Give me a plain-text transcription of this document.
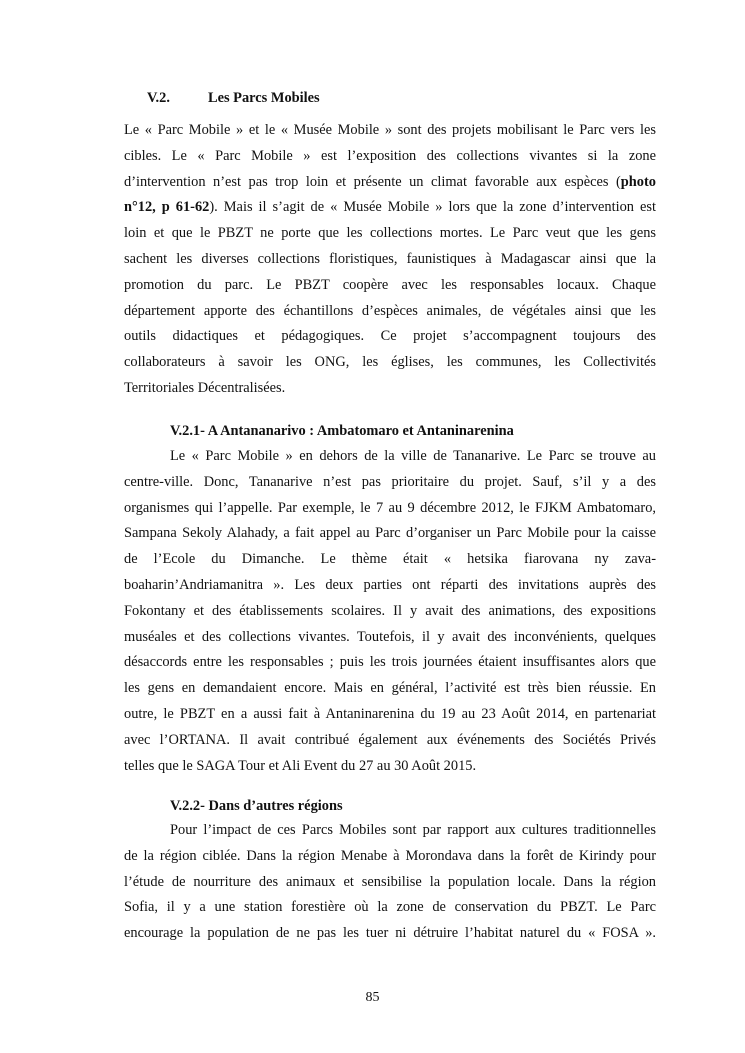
V.2.	Les Parcs Mobiles
Le « Parc Mobile » et le « Musée Mobile » sont des projets mobilisant le Parc vers les
cibles. Le « Parc Mobile » est l’exposition des collections vivantes si la zone
d’intervention n’est pas trop loin et présente un climat favorable aux espèces (photo
n°12, p 61-62). Mais il s’agit de « Musée Mobile » lors que la zone d’intervention est
loin et que le PBZT ne porte que les collections mortes. Le Parc veut que les gens
sachent les diverses collections floristiques, faunistiques à Madagascar ainsi que la
promotion du parc. Le PBZT coopère avec les responsables locaux. Chaque
département apporte des échantillons d’espèces animales, de végétales ainsi que les
outils didactiques et pédagogiques. Ce projet s’accompagnent toujours des
collaborateurs à savoir les ONG, les églises, les communes, les Collectivités
Territoriales Décentralisées.
V.2.1- A Antananarivo : Ambatomaro et Antaninarenina
Le « Parc Mobile » en dehors de la ville de Tananarive. Le Parc se trouve au
centre-ville. Donc, Tananarive n’est pas prioritaire du projet. Sauf, s’il y a des
organismes qui l’appelle. Par exemple, le 7 au 9 décembre 2012, le FJKM Ambatomaro,
Sampana Sekoly Alahady, a fait appel au Parc d’organiser un Parc Mobile pour la caisse
de l’Ecole du Dimanche. Le thème était « hetsika fiarovana ny zava-
boaharin’Andriamanitra ». Les deux parties ont réparti des invitations auprès des
Fokontany et des établissements scolaires. Il y avait des animations, des expositions
muséales et des collections vivantes. Toutefois, il y avait des inconvénients, quelques
désaccords entre les responsables ; puis les trois journées étaient insuffisantes alors que
les gens en demandaient encore. Mais en général, l’activité est très bien réussie. En
outre, le PBZT en a aussi fait à Antaninarenina du 19 au 23 Août 2014, en partenariat
avec l’ORTANA. Il avait contribué également aux événements des Sociétés Privés
telles que le SAGA Tour et Ali Event du 27 au 30 Août 2015.
V.2.2- Dans d’autres régions
Pour l’impact de ces Parcs Mobiles sont par rapport aux cultures traditionnelles
de la région ciblée. Dans la région Menabe à Morondava dans la forêt de Kirindy pour
l’étude de nourriture des animaux et sensibilise la population locale. Dans la région
Sofia, il y a une station forestière où la zone de conservation du PBZT. Le Parc
encourage la population de ne pas les tuer ni détruire l’habitat naturel du « FOSA ».
85
